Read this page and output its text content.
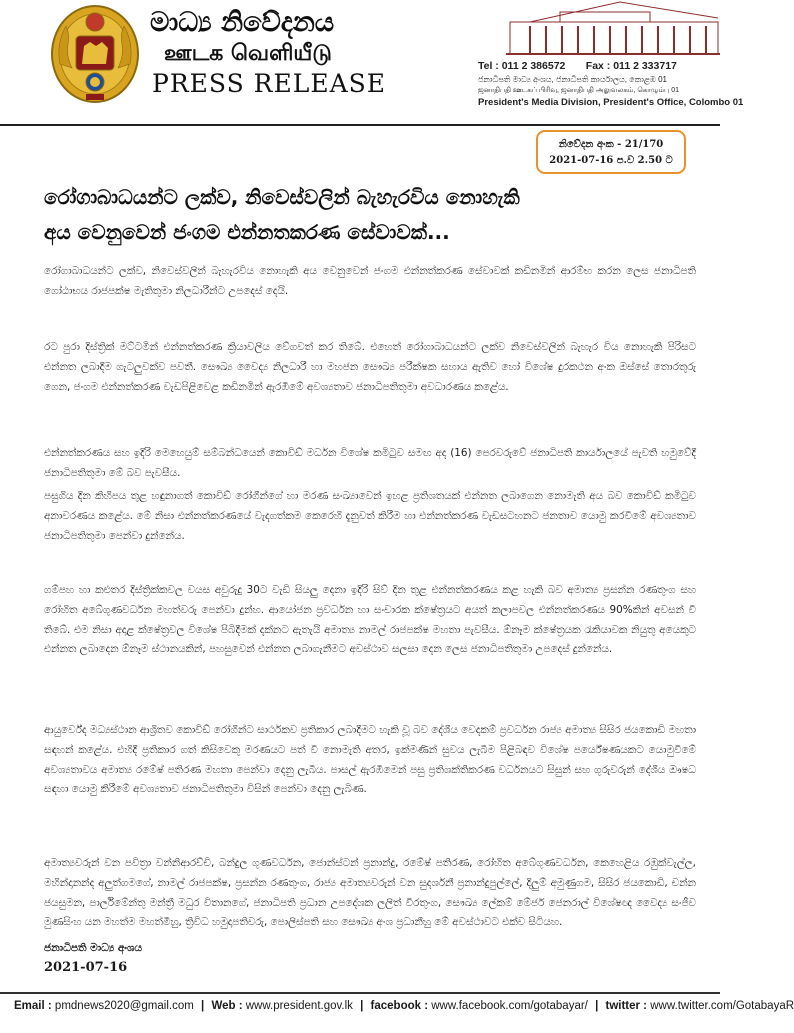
මාධ්‍ය නිවේදනය
ஊடக வெளியீடு
PRESS RELEASE
Tel : 011 2 386572 Fax : 011 2 333717
ජනාධිපති මාධ්‍ය අංශය, ජනාධිපති කාර්යාලය, කොළඹ 01
ஜனாதிபதி ஊடகப் பிரிவு, ஜனாதிபதி அலுவலகம், கொழும்பு 01
President's Media Division, President's Office, Colombo 01
නිවේදන අංක - 21/170
2021-07-16 ප.ව 2.50 ට
රෝගාබාධයන්ට ලක්ව, නිවෙස්වලින් බැහැරවිය නොහැකි
අය වෙනුවෙන් ජංගම එන්නතකරණ සේවාවක්...

රෝගාබාධයන්ට ලක්ව, නිවෙස්වලින් බැහැරවිය නොහැකි අය වෙනුවෙන් ජංගම එන්නත්කරණ සේවාවක් කඩිනමින් ආරම්භ කරන ලෙස ජනාධිපති ගෝඨාභය රාජපක්ෂ මැතිතුමා නිලධාරීන්ට උපදෙස් දෙයි.

රට පුරා දිස්ත්‍රික් මට්ටමින් එන්නත්කරණ ක්‍රියාවලිය වේගවත් කර තිබේ. එහෙත් රෝගාබාධයන්ට ලක්ව නිවෙස්වලින් බැහැර විය නොහැකි පිරිසට එන්නත ලබාදීම ගැටලුවක්ව පවතී. සෞඛ්‍ය වෛද්‍ය නිලධාරී හා මහජන සෞඛ්‍ය පරීක්ෂක සහාය ඇතිව හෝ විශේෂ දුරකථන අංක ඔස්සේ තොරතුරු ගෙන, ජංගම එන්නත්කරණ වැඩපිළිවෙළ කඩිනමින් ඇරඹීමේ අවශ්‍යතාව ජනාධිපතිතුමා අවධාරණය කළේය.

එන්නත්කරණය සහ ඉදිරි මෙහෙයුම් සම්බන්ධයෙන් කොවිඩ් මර්ධන විශේෂ කමිටුව සමඟ අද (16) පෙරවරුවේ ජනාධිපති කාර්යාලයේ පැවති හමුවේදී ජනාධිපතිතුමා මේ බව පැවසීය.

පසුගිය දින කිහිපය තුළ හඳුනාගත් කොවිඩ් රෝගීන්ගේ හා මරණ සංඛ්‍යාවෙන් ඉහළ ප්‍රතිශතයක් එන්නත ලබාගෙන නොමැති අය බව කොවිඩ් කමිටුව අනාවරණය කළේය. මේ නිසා එන්නත්කරණයේ වැදගත්කම කෙරෙහි දැනුවත් කිරීම හා එන්නත්කරණ වැඩසටහනට ජනතාව යොමු කරවීමේ අවශ්‍යතාව ජනාධිපතිතුමා පෙන්වා දුන්නේය.

ගම්පහ හා කළුතර දිස්ත්‍රික්කවල වයස අවුරුදු 30ට වැඩි සියලු දෙනා ඉදිරි සිව් දින තුළ එන්නත්කරණය කළ හැකි බව අමාත්‍ය ප්‍රසන්න රණතුංග සහ රෝහිත අබේගුණවර්ධන මහත්වරු පෙන්වා දුන්හ. ආයෝජන ප්‍රවර්ධන හා සංචාරක ක්ෂේත්‍රයට අයත් කලාපවල එන්නත්කරණය 90%කින් අවසන් වී තිබේ. එම නිසා අදාළ ක්ෂේත්‍රවල විශේෂ පිබිදීමක් දක්නට ඇතැයි අමාත්‍ය නාමල් රාජපක්ෂ මහතා පැවසීය. ඕනෑම ක්ෂේත්‍රයක රැකියාවක නියුතු අයෙකුට එන්නත ලබාදෙන ඕනෑම ස්ථානයකින්, පහසුවෙන් එන්නත ලබාගැනීමට අවස්ථාව සලසා දෙන ලෙස ජනාධිපතිතුමා උපදෙස් දුන්නේය.

ආයුර්වේද මධ්‍යස්ථාන ආශ්‍රිතව කොවිඩ් රෝගීන්ට සාර්ථකව ප්‍රතිකාර ලබාදීමට හැකි වූ බව දේශීය වෙදකම් ප්‍රවර්ධන රාජ්‍ය අමාත්‍ය සිසිර ජයකොඩි මහතා සඳහන් කළේය. එහිදී ප්‍රතිකාර ගත් කිසිවෙකු මරණයට පත් වී නොමැති අතර, ඉක්මණින් සුවය ලැබීම පිළිබඳව විශේෂ පර්යේෂණයකට යොමුවීමේ අවශ්‍යතාවය අමාත්‍ය රමේෂ් පතිරණ මහතා පෙන්වා දෙනු ලැබීය. පාසල් ඇරඹීමෙන් පසු ප්‍රතිශක්තිකරණ වර්ධනයට සිසුන් සහ ගුරුවරුන් දේශීය ඖෂධ සඳහා යොමු කිරීමේ අවශ්‍යතාව ජනාධිපතිතුමා විසින් පෙන්වා දෙනු ලැබිණ.

අමාත්‍යවරුන් වන පවිත්‍රා වන්නිආරච්චි, බන්දුල ගුණවර්ධන, ජොන්ස්ටන් ප්‍රනාන්දු, රමේෂ් පතිරණ, රෝහිත අබේගුණවර්ධන, කෙහෙළිය රඹුක්වැල්ල, මහින්දානන්ද අලුත්ගමගේ, නාමල් රාජපක්ෂ, ප්‍රසන්න රණතුංග, රාජ්‍ය අමාත්‍යවරුන් වන සුදර්ශනී ප්‍රනාන්දුපුල්ලේ, දිලුම් අමුණුගම, සිසිර ජයකොඩි, චන්න ජයසුමන, පාර්ලිමේන්තු මන්ත්‍රී මධුර විතානගේ, ජනාධිපති ප්‍රධාන උපදේශක ලලිත් වීරතුංග, සෞඛ්‍ය ලේකම් මේජර් ජෙනරාල් විශේෂඥ වෛද්‍ය සංජීව මුණසිංහ යන මහත්ම මහත්මීහු, ත්‍රිවිධ හමුදාපතිවරු, පොලිස්පති සහ සෞඛ්‍ය අංශ ප්‍රධානීහු මේ අවස්ථාවට එක්ව සිටියහ.

ජනාධිපති මාධ්‍ය අංශය
2021-07-16
Email : pmdnews2020@gmail.com | Web : www.president.gov.lk | facebook : www.facebook.com/gotabayar/ | twitter : www.twitter.com/GotabayaR
